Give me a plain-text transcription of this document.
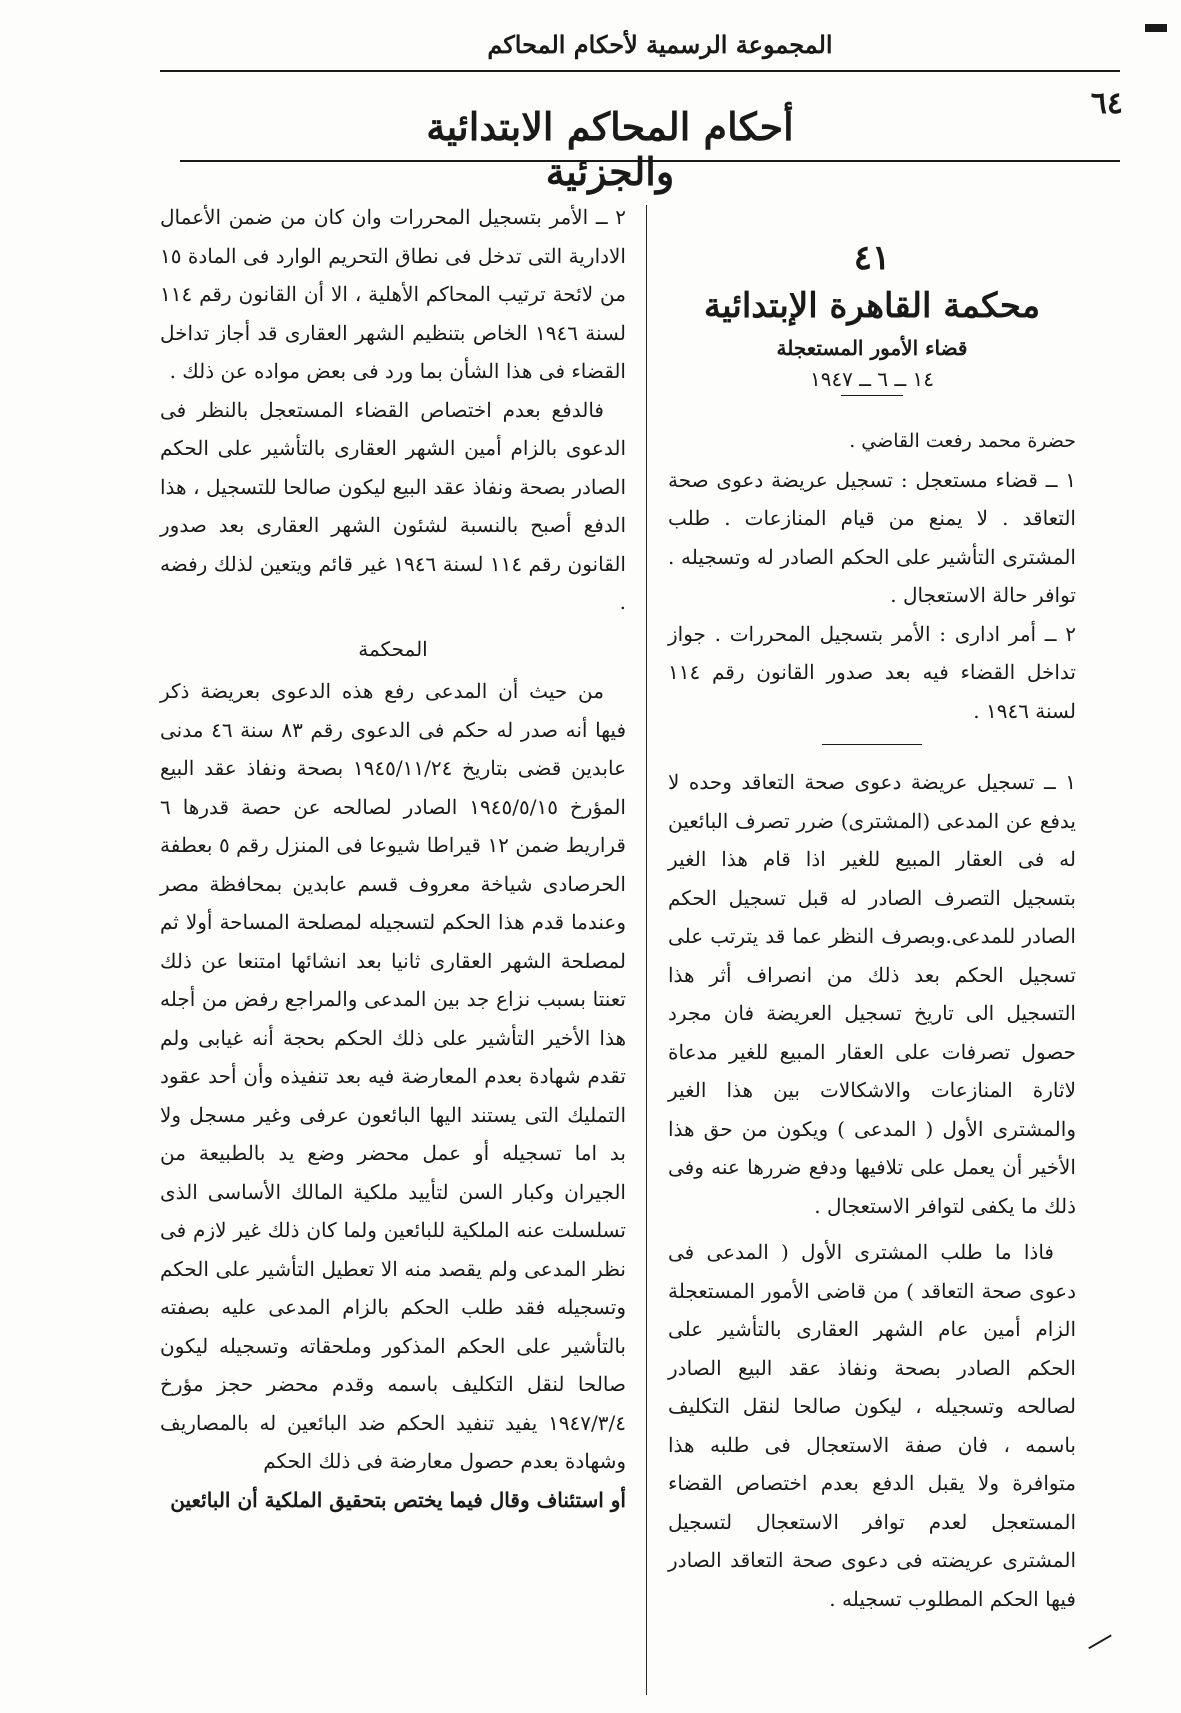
المجموعة الرسمية لأحكام المحاكم
٦٤
أحكام المحاكم الابتدائية والجزئية
٤١
محكمة القاهرة الإبتدائية
قضاء الأمور المستعجلة
١٤ ــ ٦ ــ ١٩٤٧

حضرة محمد رفعت القاضي .

١ ــ قضاء مستعجل : تسجيل عريضة دعوى صحة التعاقد . لا يمنع من قيام المنازعات . طلب المشترى التأشير على الحكم الصادر له وتسجيله . توافر حالة الاستعجال .

٢ ــ أمر ادارى : الأمر بتسجيل المحررات . جواز تداخل القضاء فيه بعد صدور القانون رقم ١١٤ لسنة ١٩٤٦ .

١ ــ تسجيل عريضة دعوى صحة التعاقد وحده لا يدفع عن المدعى (المشترى) ضرر تصرف البائعين له فى العقار المبيع للغير اذا قام هذا الغير بتسجيل التصرف الصادر له قبل تسجيل الحكم الصادر للمدعى.وبصرف النظر عما قد يترتب على تسجيل الحكم بعد ذلك من انصراف أثر هذا التسجيل الى تاريخ تسجيل العريضة فان مجرد حصول تصرفات على العقار المبيع للغير مدعاة لاثارة المنازعات والاشكالات بين هذا الغير والمشترى الأول ( المدعى ) ويكون من حق هذا الأخير أن يعمل على تلافيها ودفع ضررها عنه وفى ذلك ما يكفى لتوافر الاستعجال .

فاذا ما طلب المشترى الأول ( المدعى فى دعوى صحة التعاقد ) من قاضى الأمور المستعجلة الزام أمين عام الشهر العقارى بالتأشير على الحكم الصادر بصحة ونفاذ عقد البيع الصادر لصالحه وتسجيله ، ليكون صالحا لنقل التكليف باسمه ، فان صفة الاستعجال فى طلبه هذا متوافرة ولا يقبل الدفع بعدم اختصاص القضاء المستعجل لعدم توافر الاستعجال لتسجيل المشترى عريضته فى دعوى صحة التعاقد الصادر فيها الحكم المطلوب تسجيله .

٢ ــ الأمر بتسجيل المحررات وان كان من ضمن الأعمال الادارية التى تدخل فى نطاق التحريم الوارد فى المادة ١٥ من لائحة ترتيب المحاكم الأهلية ، الا أن القانون رقم ١١٤ لسنة ١٩٤٦ الخاص بتنظيم الشهر العقارى قد أجاز تداخل القضاء فى هذا الشأن بما ورد فى بعض مواده عن ذلك .

فالدفع بعدم اختصاص القضاء المستعجل بالنظر فى الدعوى بالزام أمين الشهر العقارى بالتأشير على الحكم الصادر بصحة ونفاذ عقد البيع ليكون صالحا للتسجيل ، هذا الدفع أصبح بالنسبة لشئون الشهر العقارى بعد صدور القانون رقم ١١٤ لسنة ١٩٤٦ غير قائم ويتعين لذلك رفضه .

المحكمة

من حيث أن المدعى رفع هذه الدعوى بعريضة ذكر فيها أنه صدر له حكم فى الدعوى رقم ٨٣ سنة ٤٦ مدنى عابدين قضى بتاريخ ١٩٤٥/١١/٢٤ بصحة ونفاذ عقد البيع المؤرخ ١٩٤٥/٥/١٥ الصادر لصالحه عن حصة قدرها ٦ قراريط ضمن ١٢ قيراطا شيوعا فى المنزل رقم ٥ بعطفة الحرصادى شياخة معروف قسم عابدين بمحافظة مصر وعندما قدم هذا الحكم لتسجيله لمصلحة المساحة أولا ثم لمصلحة الشهر العقارى ثانيا بعد انشائها امتنعا عن ذلك تعنتا بسبب نزاع جد بين المدعى والمراجع رفض من أجله هذا الأخير التأشير على ذلك الحكم بحجة أنه غيابى ولم تقدم شهادة بعدم المعارضة فيه بعد تنفيذه وأن أحد عقود التمليك التى يستند اليها البائعون عرفى وغير مسجل ولا بد اما تسجيله أو عمل محضر وضع يد بالطبيعة من الجيران وكبار السن لتأييد ملكية المالك الأساسى الذى تسلسلت عنه الملكية للبائعين ولما كان ذلك غير لازم فى نظر المدعى ولم يقصد منه الا تعطيل التأشير على الحكم وتسجيله فقد طلب الحكم بالزام المدعى عليه بصفته بالتأشير على الحكم المذكور وملحقاته وتسجيله ليكون صالحا لنقل التكليف باسمه وقدم محضر حجز مؤرخ ١٩٤٧/٣/٤ يفيد تنفيد الحكم ضد البائعين له بالمصاريف وشهادة بعدم حصول معارضة فى ذلك الحكم

أو استئناف وقال فيما يختص بتحقيق الملكية أن البائعين
